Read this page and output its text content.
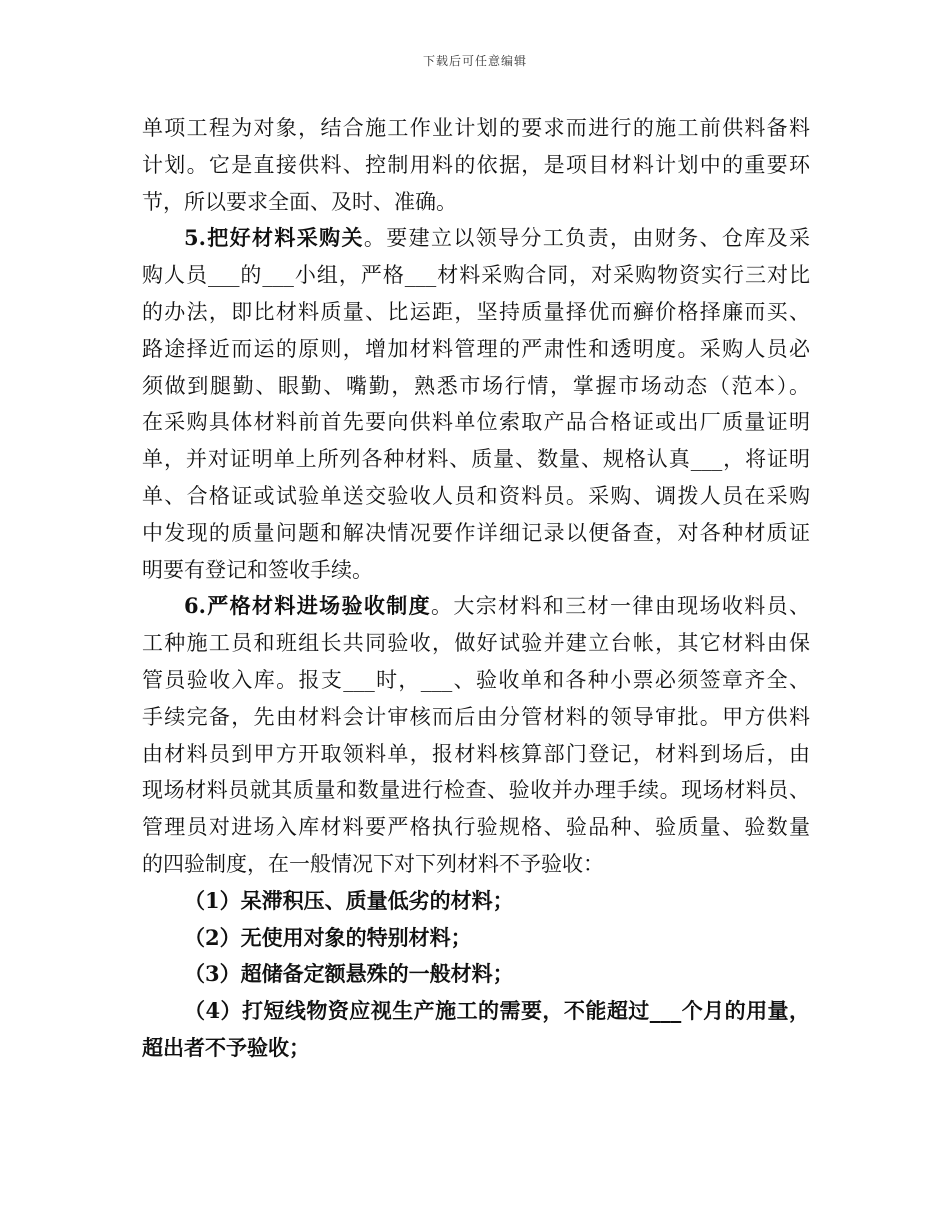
下载后可任意编辑
单项工程为对象，结合施工作业计划的要求而进行的施工前供料备料
计划。它是直接供料、控制用料的依据，是项目材料计划中的重要环
节，所以要求全面、及时、准确。
5.把好材料采购关。要建立以领导分工负责，由财务、仓库及采
购人员___的___小组，严格___材料采购合同，对采购物资实行三对比
的办法，即比材料质量、比运距，坚持质量择优而癣价格择廉而买、
路途择近而运的原则，增加材料管理的严肃性和透明度。采购人员必
须做到腿勤、眼勤、嘴勤，熟悉市场行情，掌握市场动态（范本）。
在采购具体材料前首先要向供料单位索取产品合格证或出厂质量证明
单，并对证明单上所列各种材料、质量、数量、规格认真___，将证明
单、合格证或试验单送交验收人员和资料员。采购、调拨人员在采购
中发现的质量问题和解决情况要作详细记录以便备查，对各种材质证
明要有登记和签收手续。
6.严格材料进场验收制度。大宗材料和三材一律由现场收料员、
工种施工员和班组长共同验收，做好试验并建立台帐，其它材料由保
管员验收入库。报支___时，___、验收单和各种小票必须签章齐全、
手续完备，先由材料会计审核而后由分管材料的领导审批。甲方供料
由材料员到甲方开取领料单，报材料核算部门登记，材料到场后，由
现场材料员就其质量和数量进行检查、验收并办理手续。现场材料员、
管理员对进场入库材料要严格执行验规格、验品种、验质量、验数量
的四验制度，在一般情况下对下列材料不予验收：
（1）呆滞积压、质量低劣的材料；
（2）无使用对象的特别材料；
（3）超储备定额悬殊的一般材料；
（4）打短线物资应视生产施工的需要，不能超过___个月的用量，
超出者不予验收；
